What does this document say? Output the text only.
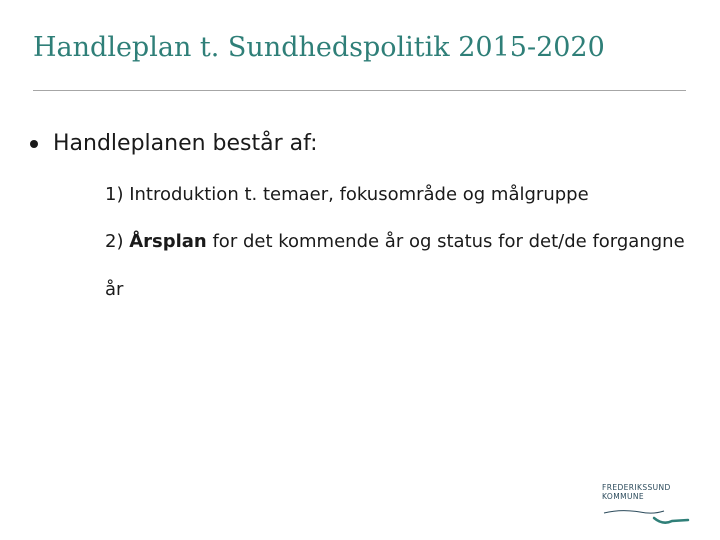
Handleplan t. Sundhedspolitik 2015-2020
Handleplanen består af:
1) Introduktion t. temaer, fokusområde og målgruppe
2) Årsplan for det kommende år og status for det/de forgangne år
FREDERIKSSUND
KOMMUNE
